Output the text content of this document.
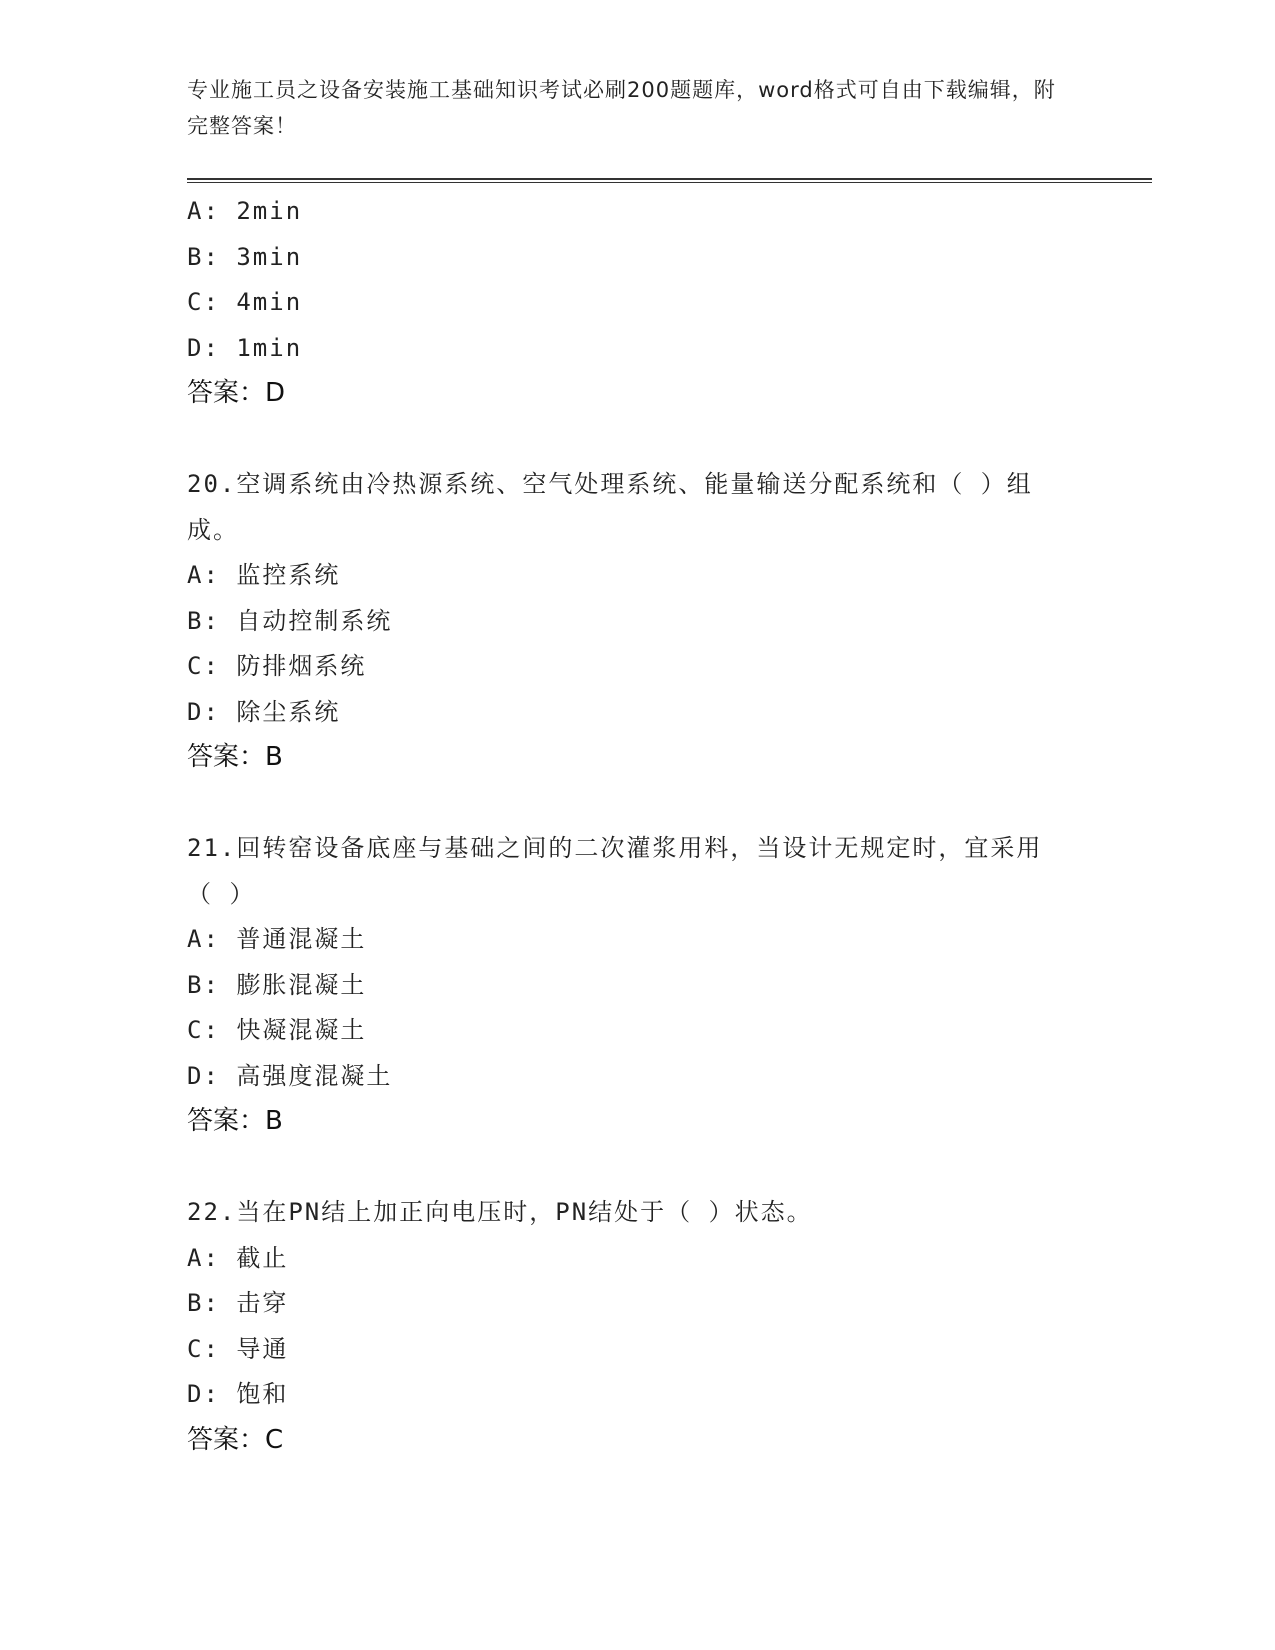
专业施工员之设备安装施工基础知识考试必刷200题题库，word格式可自由下载编辑，附完整答案！
A: 2min
B: 3min
C: 4min
D: 1min
答案：D
20.空调系统由冷热源系统、空气处理系统、能量输送分配系统和（ ）组成。
A: 监控系统
B: 自动控制系统
C: 防排烟系统
D: 除尘系统
答案：B
21.回转窑设备底座与基础之间的二次灌浆用料，当设计无规定时，宜采用（ ）
A: 普通混凝土
B: 膨胀混凝土
C: 快凝混凝土
D: 高强度混凝土
答案：B
22.当在PN结上加正向电压时，PN结处于（ ）状态。
A: 截止
B: 击穿
C: 导通
D: 饱和
答案：C
